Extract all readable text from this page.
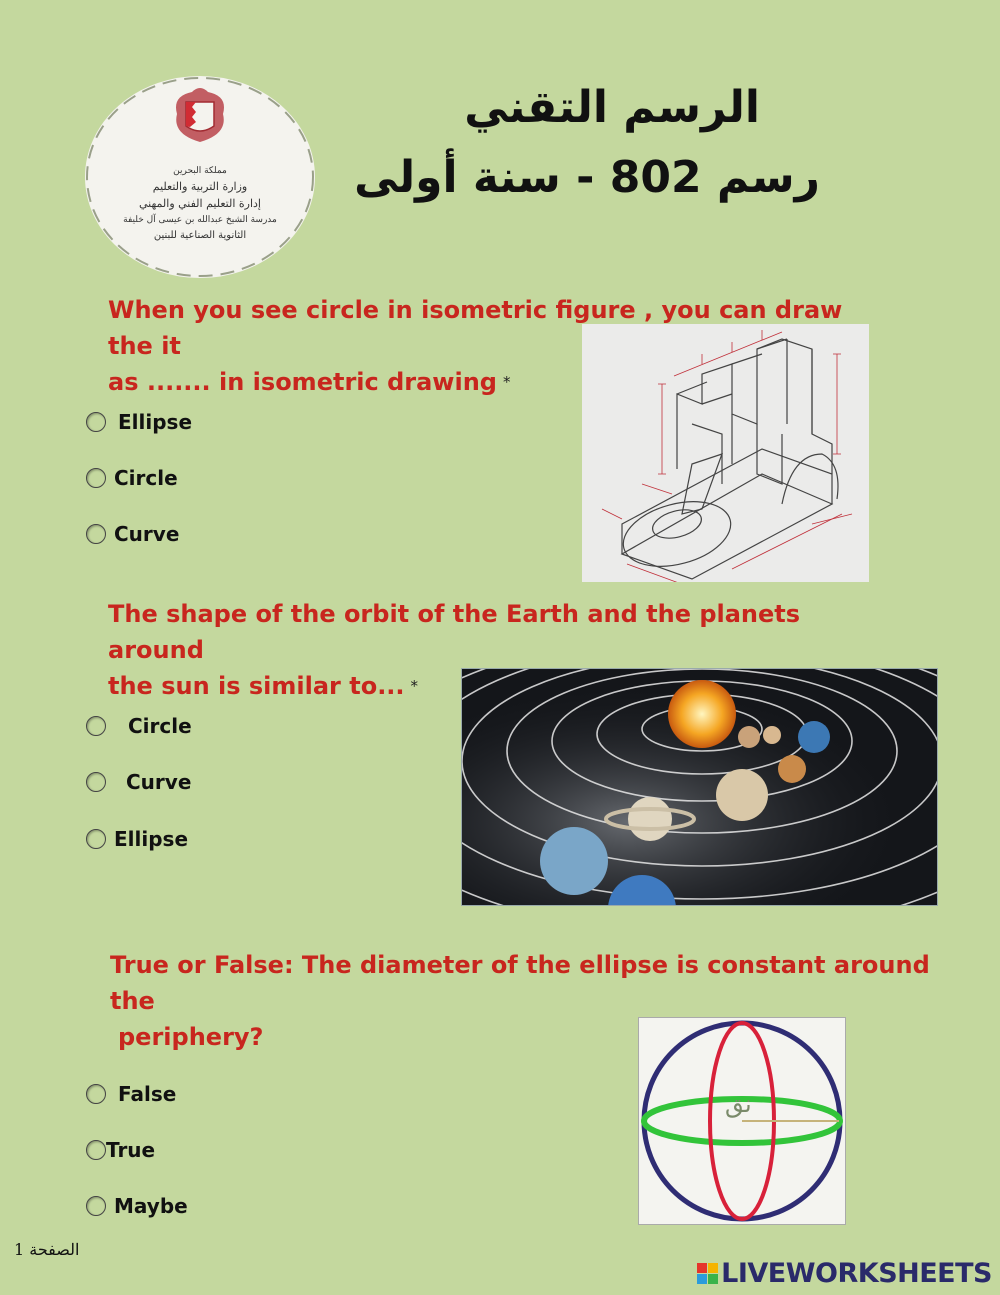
مملكة البحرين
وزارة التربية والتعليم
إدارة التعليم الفني والمهني
مدرسة الشيخ عبدالله بن عيسى آل خليفة
الثانوية الصناعية للبنين
الرسم التقني
رسم 802 - سنة أولى
When you see circle in isometric figure , you can draw the it
as ....... in isometric drawing *
Ellipse
Circle
Curve
The shape of the orbit of the Earth and the planets around
the sun is similar to... *
Circle
Curve
Ellipse
True or False: The diameter of the ellipse is constant around the
periphery?
False
True
Maybe
نق
الصفحة 1
LIVEWORKSHEETS
